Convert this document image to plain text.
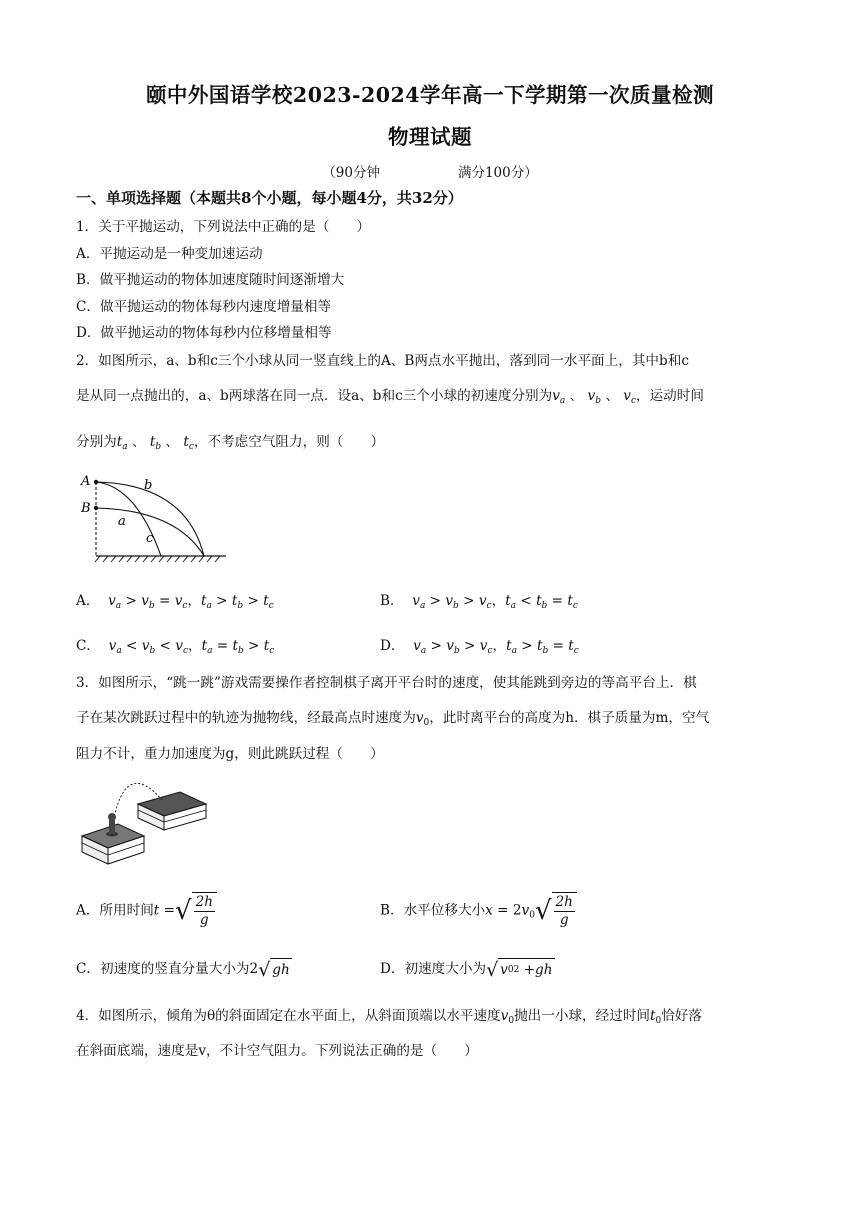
颐中外国语学校2023-2024学年高一下学期第一次质量检测
物理试题
（90分钟	满分100分）
一、单项选择题（本题共8个小题，每小题4分，共32分）
1．关于平抛运动，下列说法中正确的是（　　）
A．平抛运动是一种变加速运动
B．做平抛运动的物体加速度随时间逐渐增大
C．做平抛运动的物体每秒内速度增量相等
D．做平抛运动的物体每秒内位移增量相等
2．如图所示，a、b和c三个小球从同一竖直线上的A、B两点水平抛出，落到同一水平面上，其中b和c
是从同一点抛出的，a、b两球落在同一点．设a、b和c三个小球的初速度分别为$v_a$ 、 $v_b$ 、 $v_c$，运动时间
分别为$t_a$ 、 $t_b$ 、 $t_c$，不考虑空气阻力，则（　　）
A
B
b
a
c
A． $v_a > v_b = v_c$，$t_a > t_b > t_c$	B． $v_a > v_b > v_c$，$t_a < t_b = t_c$
C． $v_a < v_b < v_c$，$t_a = t_b > t_c$	D． $v_a > v_b > v_c$，$t_a > t_b = t_c$
3．如图所示，“跳一跳”游戏需要操作者控制棋子离开平台时的速度，使其能跳到旁边的等高平台上．棋
子在某次跳跃过程中的轨迹为抛物线，经最高点时速度为$v_0$，此时离平台的高度为h．棋子质量为m，空气
阻力不计，重力加速度为g，则此跳跃过程（　　）
A．所用时间t = √ $\frac{2h}{g}$	B．水平位移大小$x = 2v_0$ √ $\frac{2h}{g}$
C．初速度的竖直分量大小为2 √ gh	D．初速度大小为 √ v 0 2 + gh
4．如图所示，倾角为θ的斜面固定在水平面上，从斜面顶端以水平速度$v_0$抛出一小球，经过时间$t_0$恰好落
在斜面底端，速度是v，不计空气阻力。下列说法正确的是（　　）
